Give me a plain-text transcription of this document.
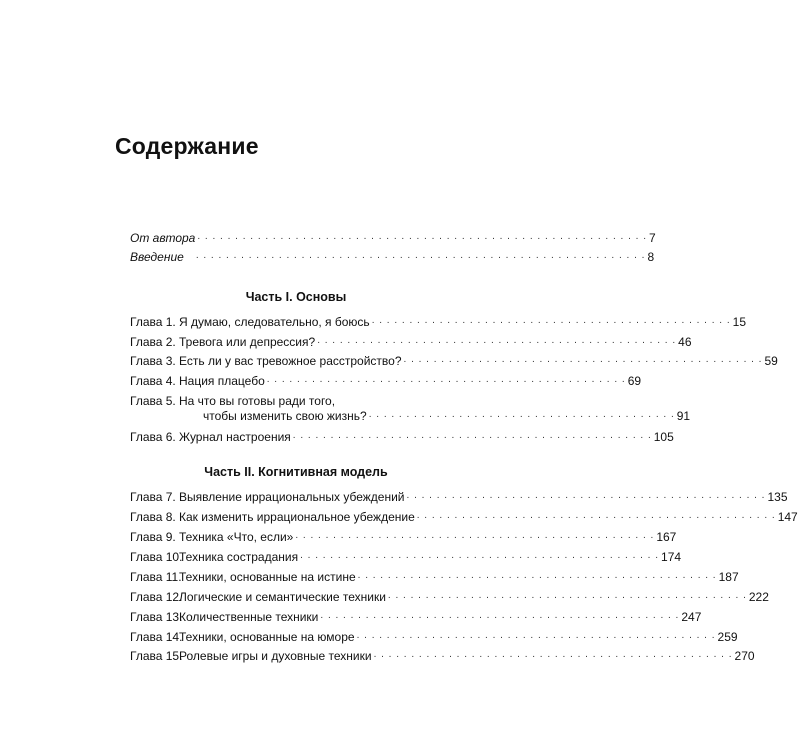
Содержание
От автора . . . . . . . . . . . . . . . . . . . . . . . . . . . . . . . . . . . . . . . . . . . . . . . . . . . . . . . . . . . . 7
Введение . . . . . . . . . . . . . . . . . . . . . . . . . . . . . . . . . . . . . . . . . . . . . . . . . . . . . . . . . . . . 8
Часть I. Основы
Глава 1. Я думаю, следовательно, я боюсь . . . . . . . . . . . . . . . . . . . . . . . . . . . . . . . . . . . . . . . . . . . . . . . . 15
Глава 2. Тревога или депрессия? . . . . . . . . . . . . . . . . . . . . . . . . . . . . . . . . . . . . . . . . . . . . . . . . 46
Глава 3. Есть ли у вас тревожное расстройство? . . . . . . . . . . . . . . . . . . . . . . . . . . . . . . . . . . . . . . . . . . . . . . . . 59
Глава 4. Нация плацебо . . . . . . . . . . . . . . . . . . . . . . . . . . . . . . . . . . . . . . . . . . . . . . . . 69
Глава 5. На что вы готовы ради того,
чтобы изменить свою жизнь? . . . . . . . . . . . . . . . . . . . . . . . . . . . . . . . . . . . . . . . . . 91
Глава 6. Журнал настроения . . . . . . . . . . . . . . . . . . . . . . . . . . . . . . . . . . . . . . . . . . . . . . . . 105
Часть II. Когнитивная модель
Глава 7. Выявление иррациональных убеждений . . . . . . . . . . . . . . . . . . . . . . . . . . . . . . . . . . . . . . . . . . . . . . . . 135
Глава 8. Как изменить иррациональное убеждение . . . . . . . . . . . . . . . . . . . . . . . . . . . . . . . . . . . . . . . . . . . . . . . . 147
Глава 9. Техника «Что, если» . . . . . . . . . . . . . . . . . . . . . . . . . . . . . . . . . . . . . . . . . . . . . . . . 167
Глава 10.
Техника сострадания . . . . . . . . . . . . . . . . . . . . . . . . . . . . . . . . . . . . . . . . . . . . . . . . 174
Глава 11.
Техники, основанные на истине . . . . . . . . . . . . . . . . . . . . . . . . . . . . . . . . . . . . . . . . . . . . . . . . 187
Глава 12.
Логические и семантические техники . . . . . . . . . . . . . . . . . . . . . . . . . . . . . . . . . . . . . . . . . . . . . . . . 222
Глава 13.
Количественные техники . . . . . . . . . . . . . . . . . . . . . . . . . . . . . . . . . . . . . . . . . . . . . . . . 247
Глава 14.
Техники, основанные на юморе . . . . . . . . . . . . . . . . . . . . . . . . . . . . . . . . . . . . . . . . . . . . . . . . 259
Глава 15.
Ролевые игры и духовные техники . . . . . . . . . . . . . . . . . . . . . . . . . . . . . . . . . . . . . . . . . . . . . . . . 270
